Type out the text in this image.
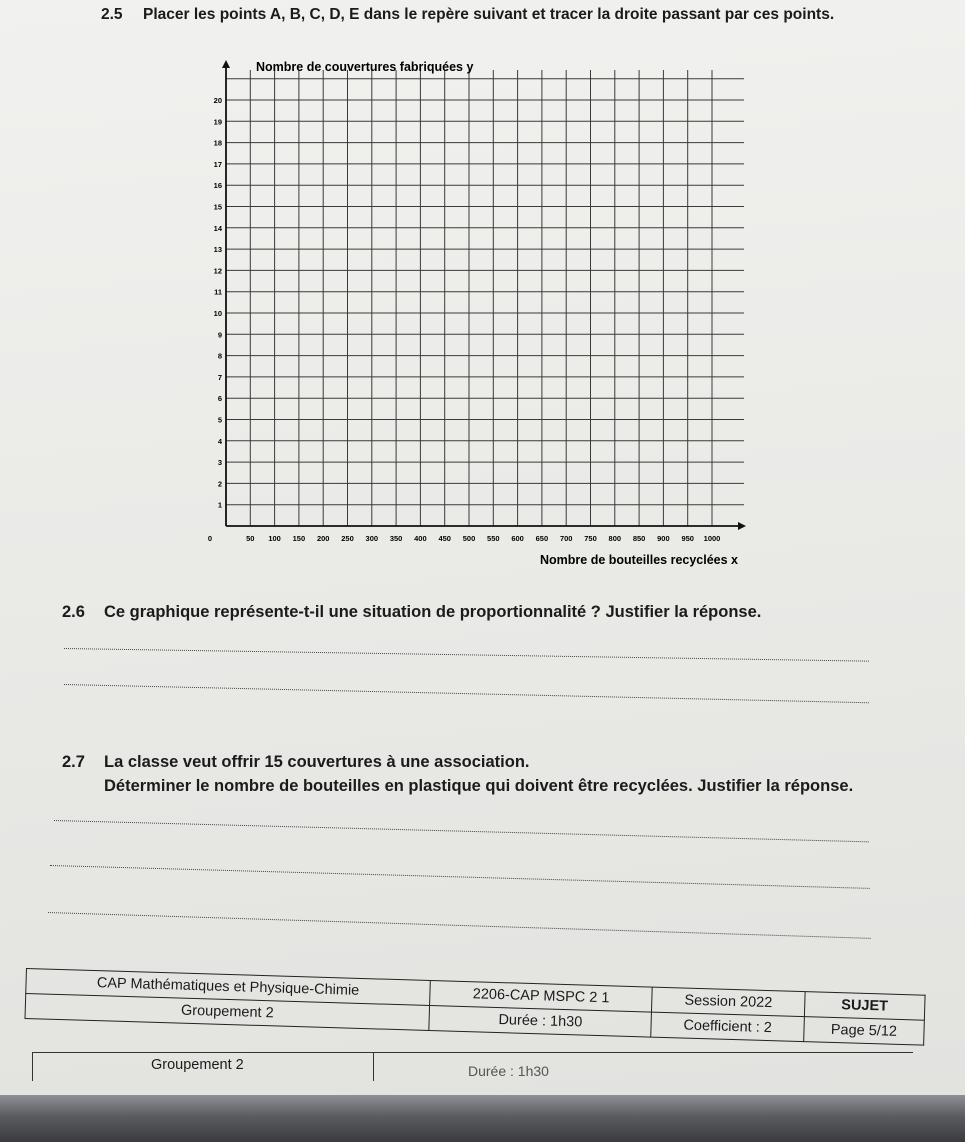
2.5 Placer les points A, B, C, D, E dans le repère suivant et tracer la droite passant par ces points.
50 100 150 200 250 300 350 400 450 500 550 600 650 700 750 800 850 900 950 1000
1
2
3
4
5
6
7
8
9
10
11
12
13
14
15
16
17
18
19
20
0
Nombre de couvertures fabriquées y
Nombre de bouteilles recyclées x
2.6 Ce graphique représente-t-il une situation de proportionnalité ? Justifier la réponse.
2.7 La classe veut offrir 15 couvertures à une association.
Déterminer le nombre de bouteilles en plastique qui doivent être recyclées. Justifier la réponse.
CAP Mathématiques et Physique-Chimie	2206-CAP MSPC 2 1	Session 2022	SUJET
Groupement 2	Durée : 1h30	Coefficient : 2	Page 5/12
Groupement 2	Durée : 1h30
